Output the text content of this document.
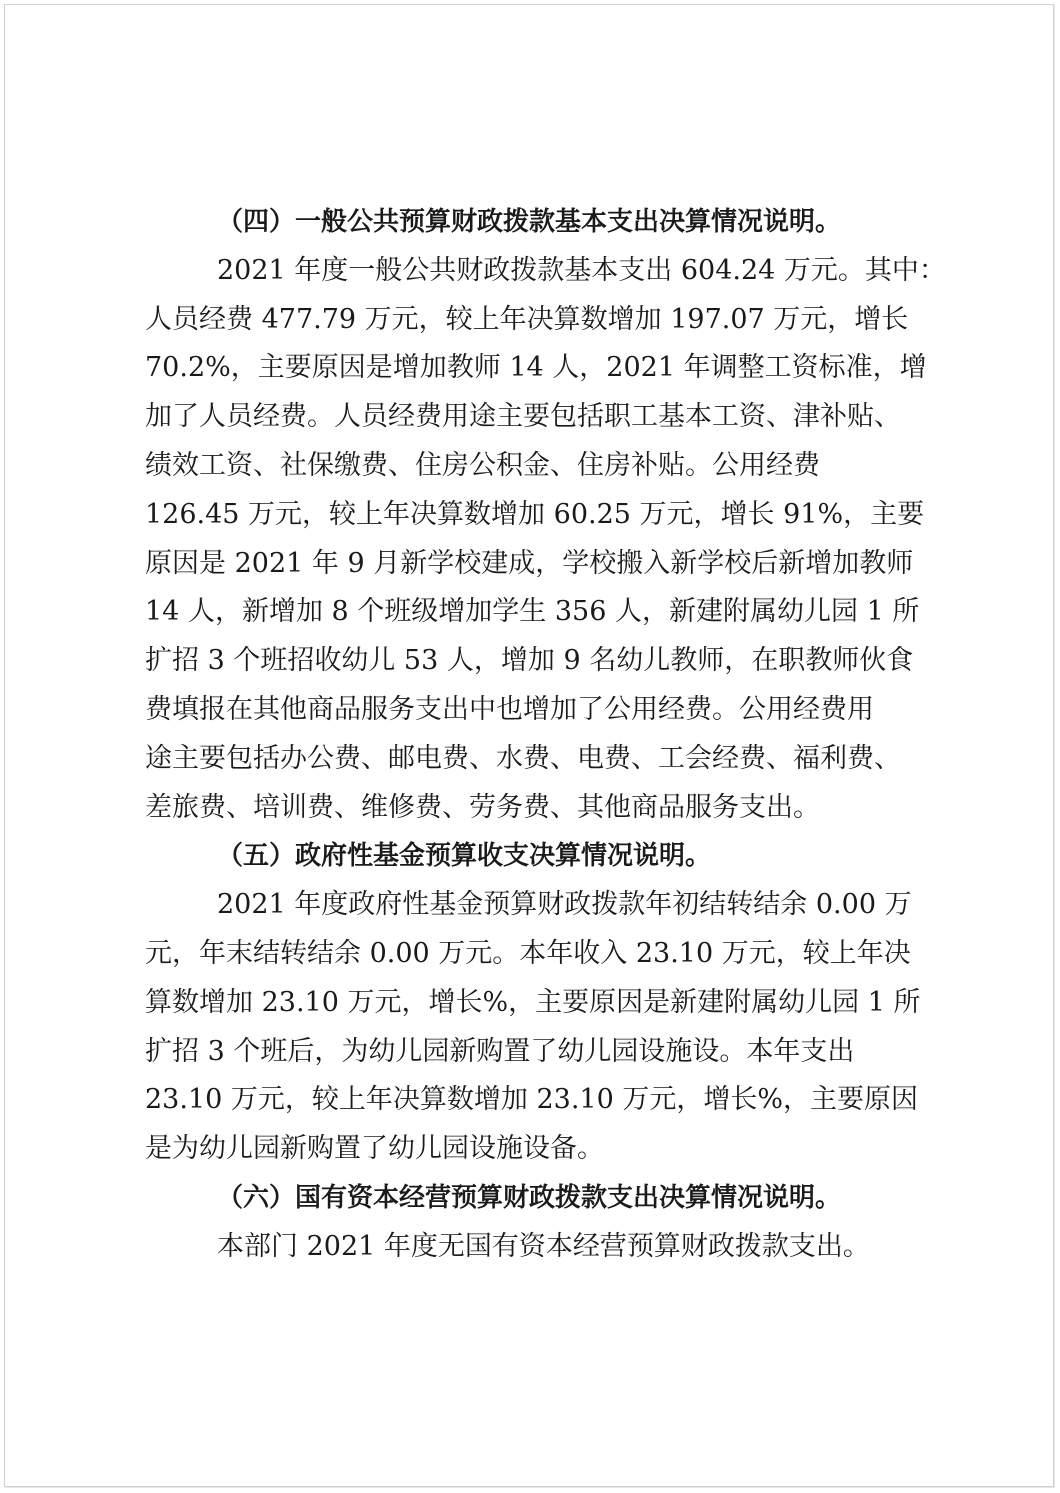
（四）一般公共预算财政拨款基本支出决算情况说明。
2021 年度一般公共财政拨款基本支出 604.24 万元。其中：
人员经费 477.79 万元，较上年决算数增加 197.07 万元，增长
70.2%，主要原因是增加教师 14 人，2021 年调整工资标准，增
加了人员经费。人员经费用途主要包括职工基本工资、津补贴、
绩效工资、社保缴费、住房公积金、住房补贴。公用经费
126.45 万元，较上年决算数增加 60.25 万元，增长 91%，主要
原因是 2021 年 9 月新学校建成，学校搬入新学校后新增加教师
14 人，新增加 8 个班级增加学生 356 人，新建附属幼儿园 1 所
扩招 3 个班招收幼儿 53 人，增加 9 名幼儿教师，在职教师伙食
费填报在其他商品服务支出中也增加了公用经费。公用经费用
途主要包括办公费、邮电费、水费、电费、工会经费、福利费、
差旅费、培训费、维修费、劳务费、其他商品服务支出。
（五）政府性基金预算收支决算情况说明。
2021 年度政府性基金预算财政拨款年初结转结余 0.00 万
元，年末结转结余 0.00 万元。本年收入 23.10 万元，较上年决
算数增加 23.10 万元，增长%，主要原因是新建附属幼儿园 1 所
扩招 3 个班后，为幼儿园新购置了幼儿园设施设。本年支出
23.10 万元，较上年决算数增加 23.10 万元，增长%，主要原因
是为幼儿园新购置了幼儿园设施设备。
（六）国有资本经营预算财政拨款支出决算情况说明。
本部门 2021 年度无国有资本经营预算财政拨款支出。
